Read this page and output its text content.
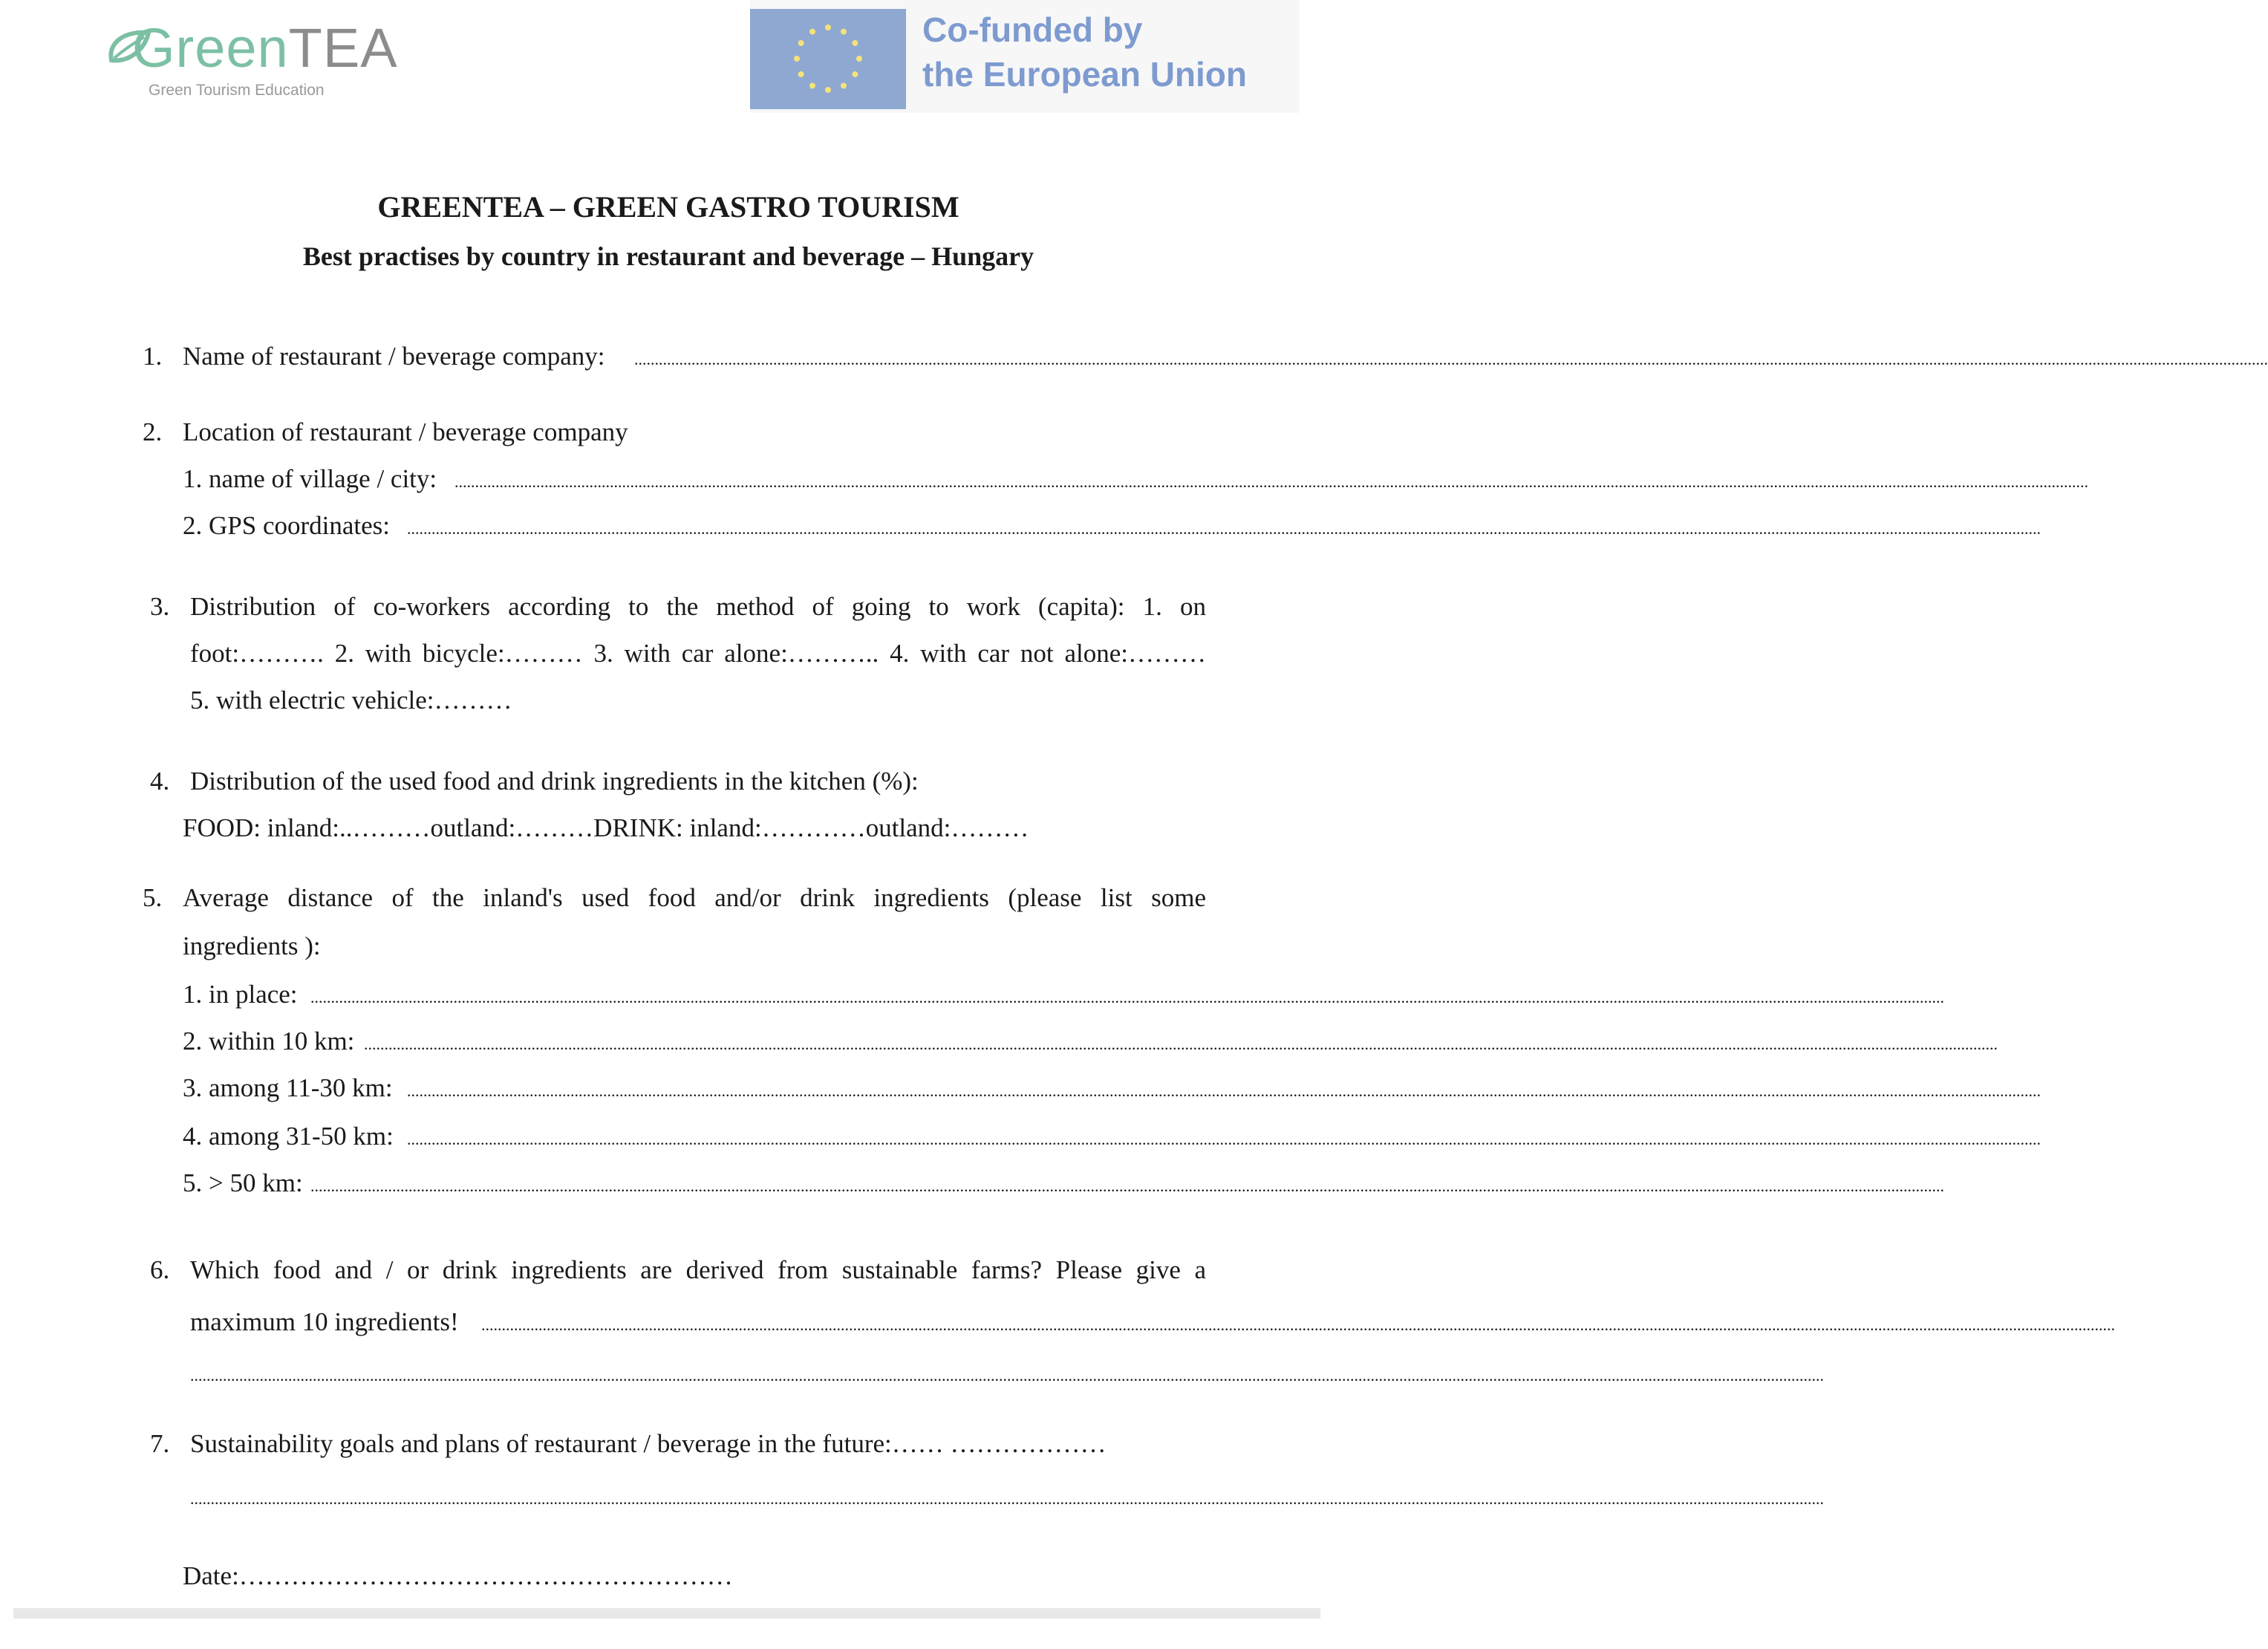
GreenTEA
Green Tourism Education
Co-funded by
the European Union
GREENTEA – GREEN GASTRO TOURISM
Best practises by country in restaurant and beverage – Hungary
1. Name of restaurant / beverage company: ................................................................................................................................................................................................................................................................................................................................................................................................................
2. Location of restaurant / beverage company
1. name of village / city: ................................................................................................................................................................................................................................................................................................................................................................................................................
2. GPS coordinates: ................................................................................................................................................................................................................................................................................................................................................................................................................
3. Distribution of co-workers according to the method of going to work (capita): 1. on
foot:………. 2. with bicycle:……… 3. with car alone:……….. 4. with car not alone:………
5. with electric vehicle:………
4. Distribution of the used food and drink ingredients in the kitchen (%):
FOOD: inland:..………outland:………DRINK: inland:…………outland:………
5. Average distance of the inland's used food and/or drink ingredients (please list some
ingredients ):
1. in place: ................................................................................................................................................................................................................................................................................................................................................................................................................
2. within 10 km: ................................................................................................................................................................................................................................................................................................................................................................................................................
3. among 11-30 km: ................................................................................................................................................................................................................................................................................................................................................................................................................
4. among 31-50 km: ................................................................................................................................................................................................................................................................................................................................................................................................................
5. > 50 km: ................................................................................................................................................................................................................................................................................................................................................................................................................
6. Which food and / or drink ingredients are derived from sustainable farms? Please give a
maximum 10 ingredients! ................................................................................................................................................................................................................................................................................................................................................................................................................
................................................................................................................................................................................................................................................................................................................................................................................................................
7. Sustainability goals and plans of restaurant / beverage in the future:…… ………………
................................................................................................................................................................................................................................................................................................................................................................................................................
Date:…………………………………………………
